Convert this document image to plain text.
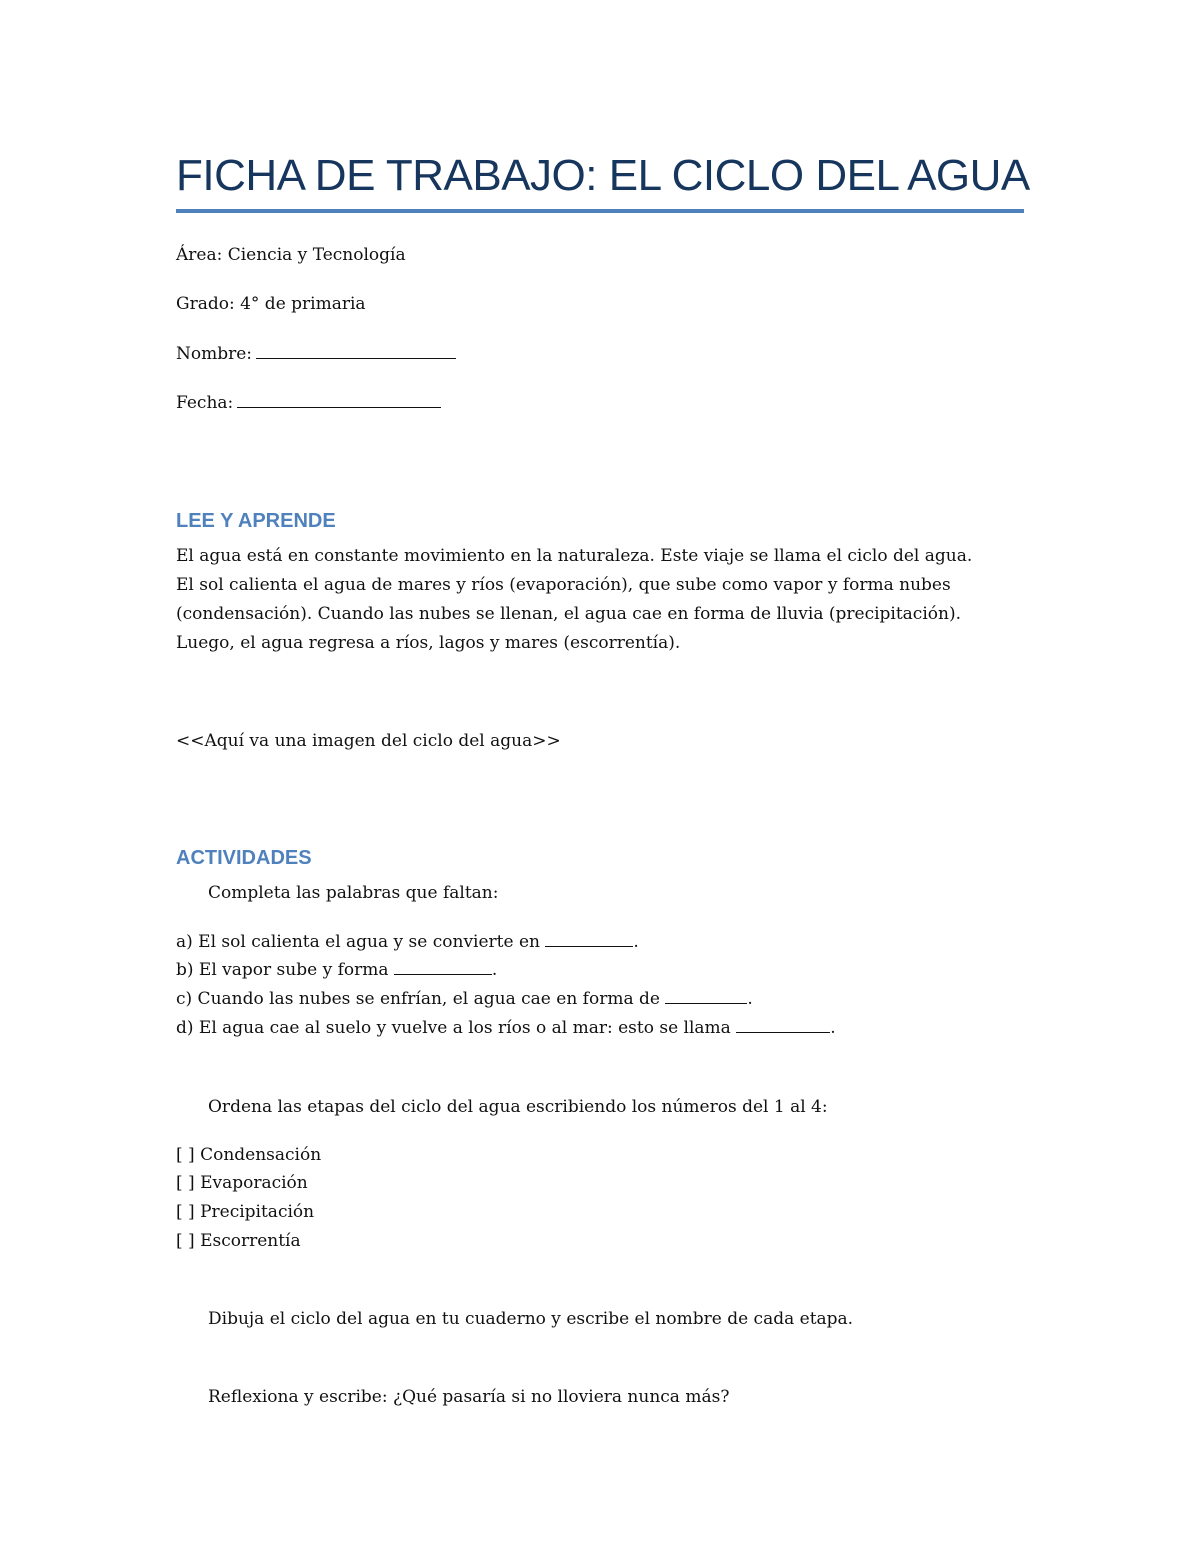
FICHA DE TRABAJO: EL CICLO DEL AGUA
Área: Ciencia y Tecnología
Grado: 4° de primaria
Nombre:
Fecha:
LEE Y APRENDE
El agua está en constante movimiento en la naturaleza. Este viaje se llama el ciclo del agua.
El sol calienta el agua de mares y ríos (evaporación), que sube como vapor y forma nubes
(condensación). Cuando las nubes se llenan, el agua cae en forma de lluvia (precipitación).
Luego, el agua regresa a ríos, lagos y mares (escorrentía).
<<Aquí va una imagen del ciclo del agua>>
ACTIVIDADES
Completa las palabras que faltan:
a) El sol calienta el agua y se convierte en	.
b) El vapor sube y forma	.
c) Cuando las nubes se enfrían, el agua cae en forma de	.
d) El agua cae al suelo y vuelve a los ríos o al mar: esto se llama	.
Ordena las etapas del ciclo del agua escribiendo los números del 1 al 4:
[ ] Condensación
[ ] Evaporación
[ ] Precipitación
[ ] Escorrentía
Dibuja el ciclo del agua en tu cuaderno y escribe el nombre de cada etapa.
Reflexiona y escribe: ¿Qué pasaría si no lloviera nunca más?
